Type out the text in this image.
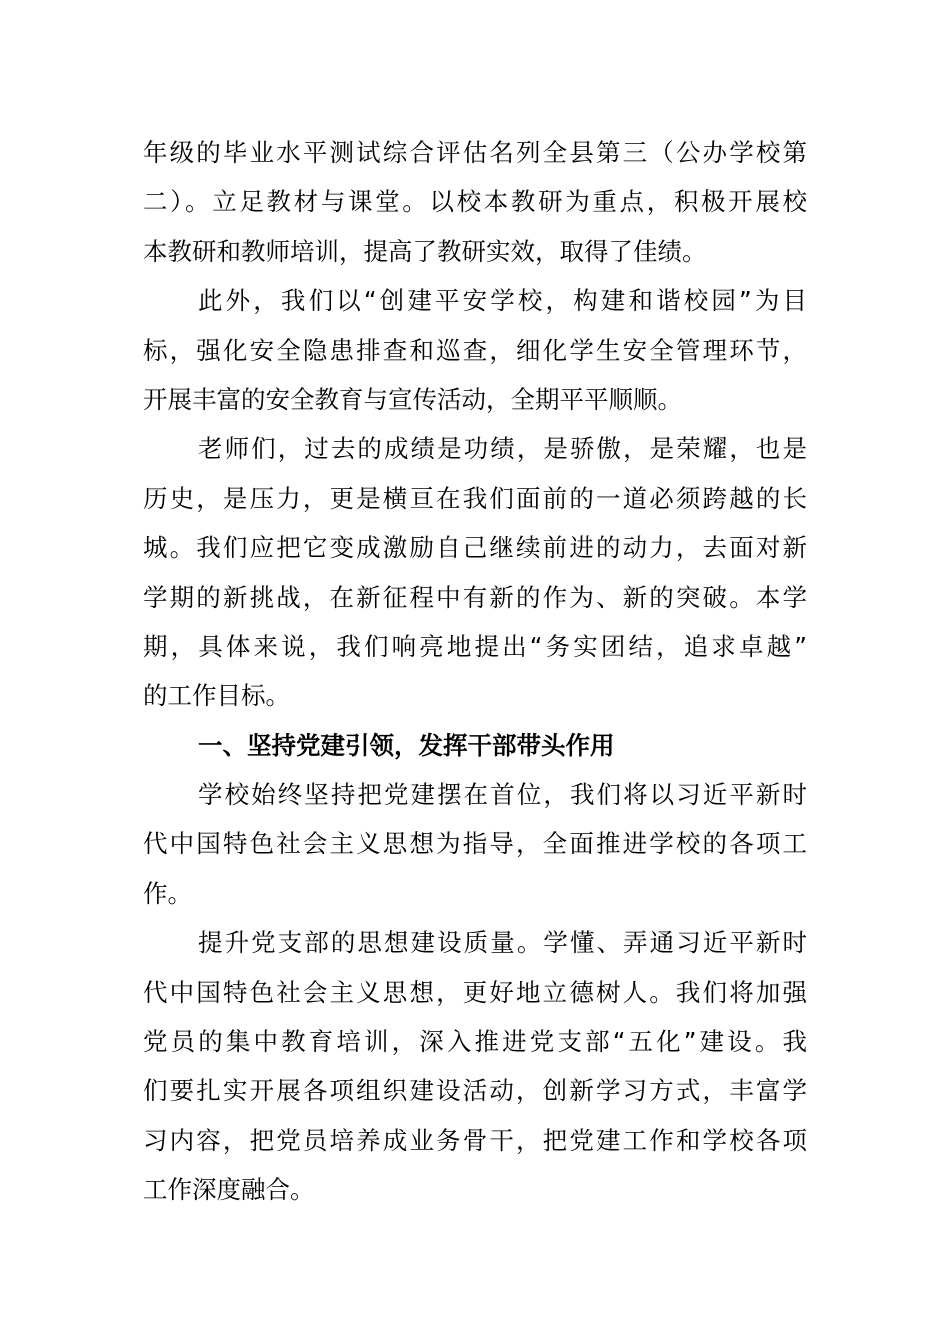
年级的毕业水平测试综合评估名列全县第三（公办学校第
二）。立足教材与课堂。以校本教研为重点，积极开展校
本教研和教师培训，提高了教研实效，取得了佳绩。
此外，我们以“创建平安学校，构建和谐校园”为目
标，强化安全隐患排查和巡查，细化学生安全管理环节，
开展丰富的安全教育与宣传活动，全期平平顺顺。
老师们，过去的成绩是功绩，是骄傲，是荣耀，也是
历史，是压力，更是横亘在我们面前的一道必须跨越的长
城。我们应把它变成激励自己继续前进的动力，去面对新
学期的新挑战，在新征程中有新的作为、新的突破。本学
期，具体来说，我们响亮地提出“务实团结，追求卓越”
的工作目标。
一、坚持党建引领，发挥干部带头作用
学校始终坚持把党建摆在首位，我们将以习近平新时
代中国特色社会主义思想为指导，全面推进学校的各项工
作。
提升党支部的思想建设质量。学懂、弄通习近平新时
代中国特色社会主义思想，更好地立德树人。我们将加强
党员的集中教育培训，深入推进党支部“五化”建设。我
们要扎实开展各项组织建设活动，创新学习方式，丰富学
习内容，把党员培养成业务骨干，把党建工作和学校各项
工作深度融合。
